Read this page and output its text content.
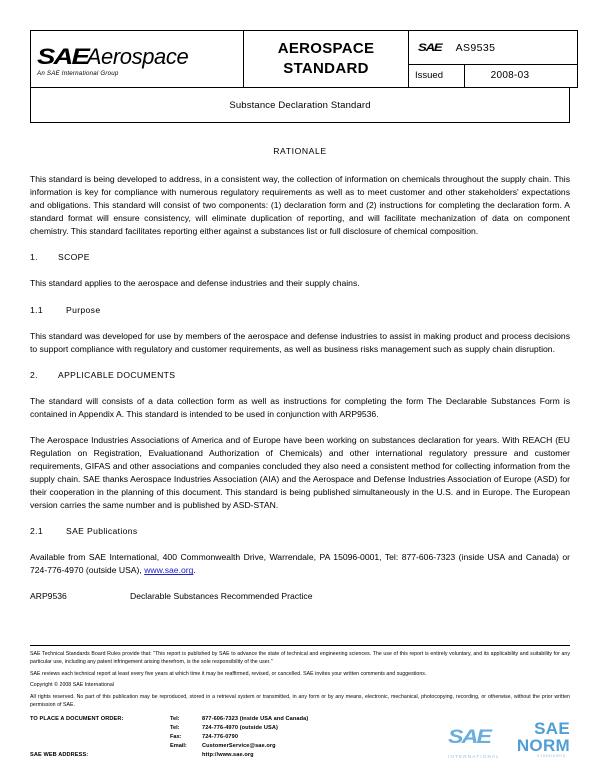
SAE
Aerospace
An SAE International Group

AEROSPACE
STANDARD

SAE AS9535
Issued	2008-03
Substance Declaration Standard
RATIONALE

This standard is being developed to address, in a consistent way, the collection of information on chemicals throughout the supply chain. This information is key for compliance with numerous regulatory requirements as well as to meet customer and other stakeholders' expectations and obligations. This standard will consist of two components: (1) declaration form and (2) instructions for completing the declaration form. A standard format will ensure consistency, will eliminate duplication of reporting, and will facilitate mechanization of data on component chemistry. This standard facilitates reporting either against a substances list or full disclosure of chemical composition.

1. SCOPE

This standard applies to the aerospace and defense industries and their supply chains.

1.1	Purpose

This standard was developed for use by members of the aerospace and defense industries to assist in making product and process decisions to support compliance with regulatory and customer requirements, as well as business risks management such as supply chain disruption.

2. APPLICABLE DOCUMENTS

The standard will consists of a data collection form as well as instructions for completing the form The Declarable Substances Form is contained in Appendix A. This standard is intended to be used in conjunction with ARP9536.

The Aerospace Industries Associations of America and of Europe have been working on substances declaration for years. With REACH (EU Regulation on Registration, Evaluationand Authorization of Chemicals) and other international regulatory pressure and customer requirements, GIFAS and other associations and companies concluded they also need a consistent method for collecting information from the supply chain. SAE thanks Aerospace Industries Association (AIA) and the Aerospace and Defense Industries Association of Europe (ASD) for their cooperation in the planning of this document. This standard is being published simultaneously in the U.S. and in Europe. The European version carries the same number and is published by ASD-STAN.

2.1	SAE Publications

Available from SAE International, 400 Commonwealth Drive, Warrendale, PA 15096-0001, Tel: 877-606-7323 (inside USA and Canada) or 724-776-4970 (outside USA), www.sae.org.

ARP9536	Declarable Substances Recommended Practice

SAE Technical Standards Board Rules provide that: "This report is published by SAE to advance the state of technical and engineering sciences. The use of this report is entirely voluntary, and its applicability and suitability for any particular use, including any patent infringement arising therefrom, is the sole responsibility of the user."

SAE reviews each technical report at least every five years at which time it may be reaffirmed, revised, or cancelled. SAE invites your written comments and suggestions.

Copyright © 2008 SAE International

All rights reserved. No part of this publication may be reproduced, stored in a retrieval system or transmitted, in any form or by any means, electronic, mechanical, photocopying, recording, or otherwise, without the prior written permission of SAE.

TO PLACE A DOCUMENT ORDER:	Tel:	877-606-7323 (inside USA and Canada)
Tel:	724-776-4970 (outside USA)
Fax:	724-776-0790
Email:	CustomerService@sae.org
SAE WEB ADDRESS:	http://www.sae.org
SAE	SAE NORM
INTERNATIONAL	STANDARDS
